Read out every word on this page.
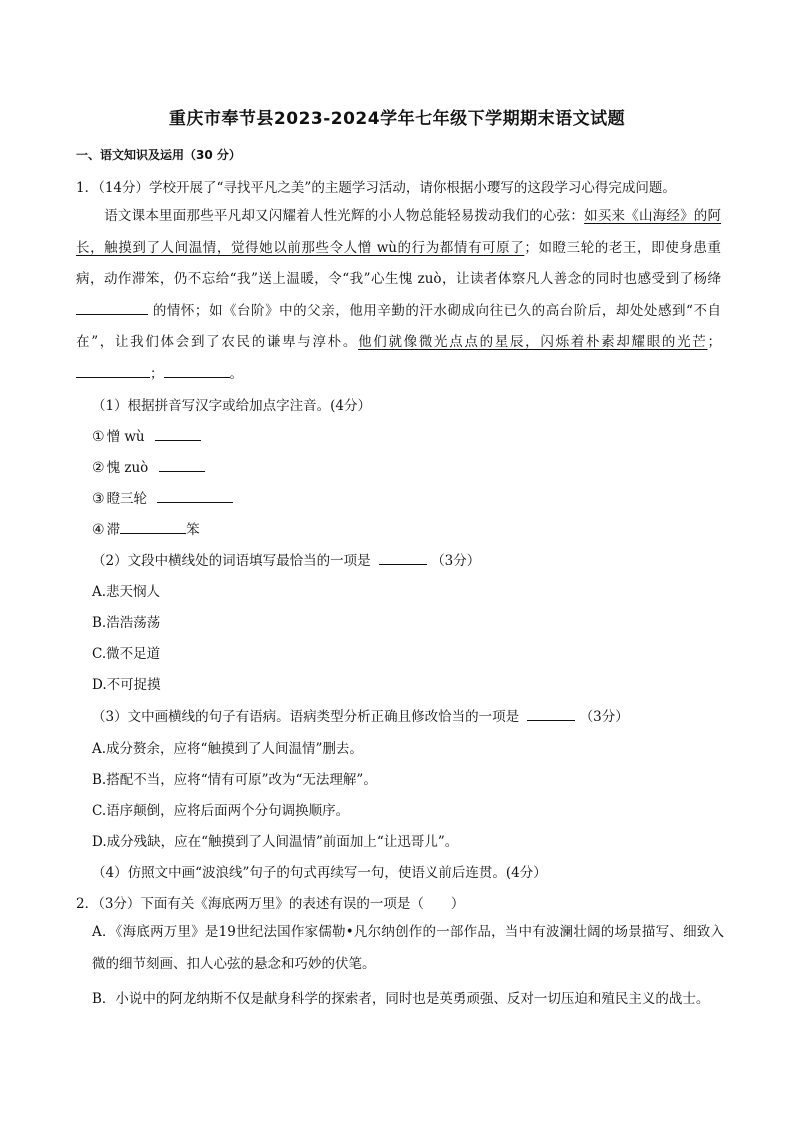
重庆市奉节县2023-2024学年七年级下学期期末语文试题
一、语文知识及运用（30 分）
1．（14分）学校开展了“寻找平凡之美”的主题学习活动，请你根据小璎写的这段学习心得完成问题。
语文课本里面那些平凡却又闪耀着人性光辉的小人物总能轻易拨动我们的心弦：如买来《山海经》的阿长，触摸到了人间温情，觉得她以前那些令人憎 wù的行为都情有可原了；如瞪三轮的老王，即使身患重病，动作滞笨，仍不忘给“我”送上温暖，令“我”心生愧 zuò，让读者体察凡人善念的同时也感受到了杨绛 的情怀；如《台阶》中的父亲，他用辛勤的汗水砌成向往已久的高台阶后，却处处感到“不自在”，让我们体会到了农民的谦卑与淳朴。他们就像微光点点的星辰，闪烁着朴素却耀眼的光芒；；	。
（1）根据拼音写汉字或给加点字注音。(4分）
① 憎 wù
② 愧 zuò
③ 瞪三轮
④ 滞	笨
（2）文段中横线处的词语填写最恰当的一项是	（3分）
A.悲天悯人
B.浩浩荡荡
C.微不足道
D.不可捉摸
（3）文中画横线的句子有语病。语病类型分析正确且修改恰当的一项是	（3分）
A.成分赘余，应将“触摸到了人间温情”删去。
B.搭配不当，应将“情有可原”改为“无法理解”。
C.语序颠倒，应将后面两个分句调换顺序。
D.成分残缺，应在“触摸到了人间温情”前面加上“让迅哥儿”。
（4）仿照文中画“波浪线”句子的句式再续写一句，使语义前后连贯。(4分）
2．（3分）下面有关《海底两万里》的表述有误的一项是（　　）
A．《海底两万里》是19世纪法国作家儒勒•凡尔纳创作的一部作品，当中有波澜壮阔的场景描写、细致入微的细节刻画、扣人心弦的悬念和巧妙的伏笔。
B．小说中的阿龙纳斯不仅是献身科学的探索者，同时也是英勇顽强、反对一切压迫和殖民主义的战士。
